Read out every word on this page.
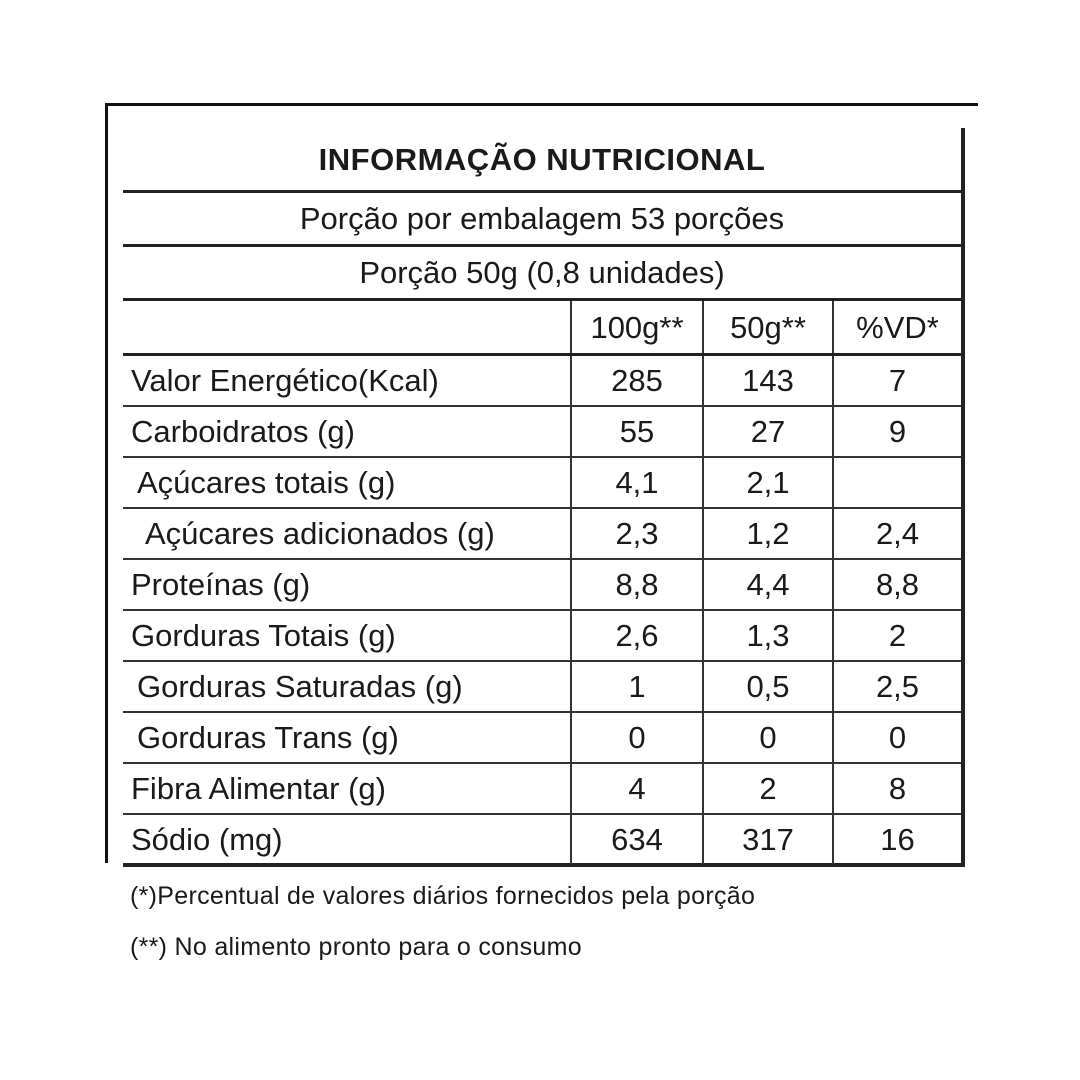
INFORMAÇÃO NUTRICIONAL			
Porção por embalagem 53 porções			
Porção 50g (0,8 unidades)			
	100g**	50g**	%VD*
Valor Energético(Kcal)	285	143	7
Carboidratos (g)	55	27	9
Açúcares totais (g)	4,1	2,1	
Açúcares adicionados (g)	2,3	1,2	2,4
Proteínas (g)	8,8	4,4	8,8
Gorduras Totais (g)	2,6	1,3	2
Gorduras Saturadas (g)	1	0,5	2,5
Gorduras Trans (g)	0	0	0
Fibra Alimentar (g)	4	2	8
Sódio (mg)	634	317	16
(*)Percentual de valores diários fornecidos pela porção
(**) No alimento pronto para o consumo
